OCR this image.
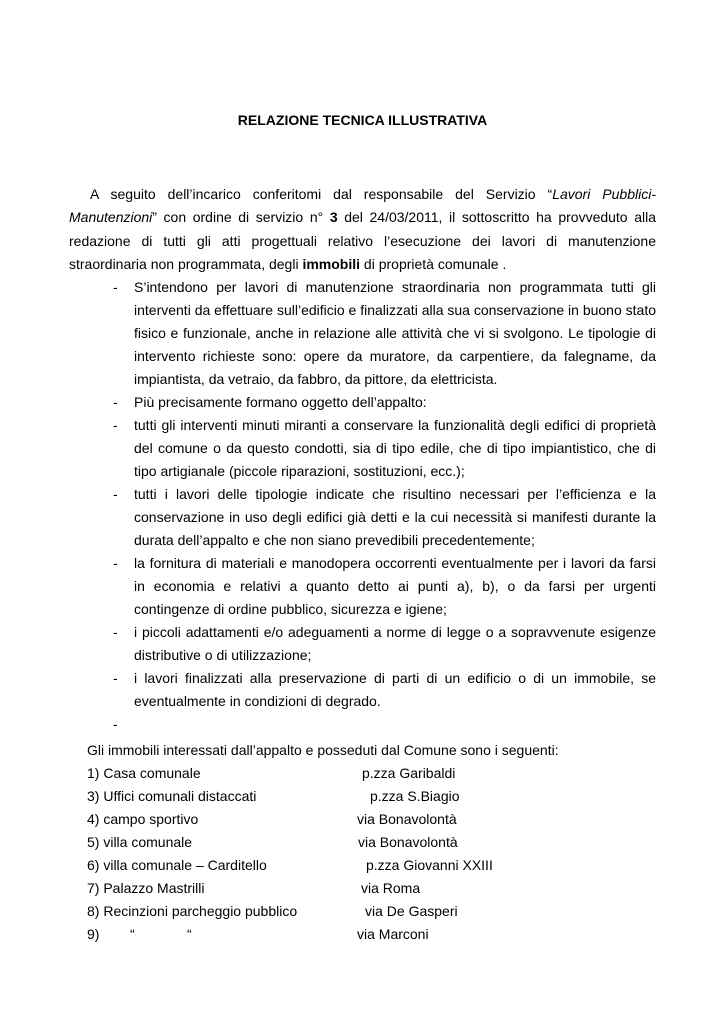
RELAZIONE TECNICA ILLUSTRATIVA

A seguito dell’incarico conferitomi dal responsabile del Servizio “Lavori Pubblici-Manutenzioni” con ordine di servizio n° 3 del 24/03/2011, il sottoscritto ha provveduto alla redazione di tutti gli atti progettuali relativo l’esecuzione dei lavori di manutenzione straordinaria non programmata, degli immobili di proprietà comunale .

- S’intendono per lavori di manutenzione straordinaria non programmata tutti gli interventi da effettuare sull’edificio e finalizzati alla sua conservazione in buono stato fisico e funzionale, anche in relazione alle attività che vi si svolgono. Le tipologie di intervento richieste sono: opere da muratore, da carpentiere, da falegname, da impiantista, da vetraio, da fabbro, da pittore, da elettricista.
- Più precisamente formano oggetto dell’appalto:
- tutti gli interventi minuti miranti a conservare la funzionalità degli edifici di proprietà del comune o da questo condotti, sia di tipo edile, che di tipo impiantistico, che di tipo artigianale (piccole riparazioni, sostituzioni, ecc.);
- tutti i lavori delle tipologie indicate che risultino necessari per l’efficienza e la conservazione in uso degli edifici già detti e la cui necessità si manifesti durante la durata dell’appalto e che non siano prevedibili precedentemente;
- la fornitura di materiali e manodopera occorrenti eventualmente per i lavori da farsi in economia e relativi a quanto detto ai punti a), b), o da farsi per urgenti contingenze di ordine pubblico, sicurezza e igiene;
- i piccoli adattamenti e/o adeguamenti a norme di legge o a sopravvenute esigenze distributive o di utilizzazione;
- i lavori finalizzati alla preservazione di parti di un edificio o di un immobile, se eventualmente in condizioni di degrado.
-

Gli immobili interessati dall’appalto e posseduti dal Comune sono i seguenti:
1) Casa comunale	p.zza Garibaldi
3) Uffici comunali distaccati	p.zza S.Biagio
4) campo sportivo	via Bonavolontà
5) villa comunale	via Bonavolontà
6) villa comunale – Carditello	p.zza Giovanni XXIII
7) Palazzo Mastrilli	via Roma
8) Recinzioni parcheggio pubblico	via De Gasperi
9) “	“	via Marconi
